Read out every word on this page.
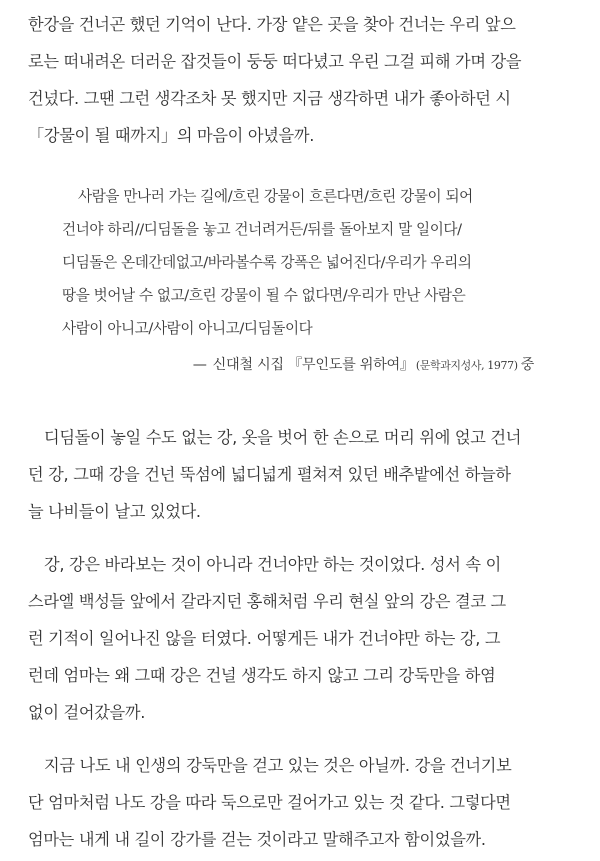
한강을 건너곤 했던 기억이 난다. 가장 얕은 곳을 찾아 건너는 우리 앞으
로는 떠내려온 더러운 잡것들이 둥둥 떠다녔고 우린 그걸 피해 가며 강을
건넜다. 그땐 그런 생각조차 못 했지만 지금 생각하면 내가 좋아하던 시
「강물이 될 때까지」의 마음이 아녔을까.

사람을 만나러 가는 길에/흐린 강물이 흐른다면/흐린 강물이 되어
건너야 하리//디딤돌을 놓고 건너려거든/뒤를 돌아보지 말 일이다/
디딤돌은 온데간데없고/바라볼수록 강폭은 넓어진다/우리가 우리의
땅을 벗어날 수 없고/흐린 강물이 될 수 없다면/우리가 만난 사람은
사람이 아니고/사람이 아니고/디딤돌이다
— 신대철 시집 『무인도를 위하여』 (문학과지성사, 1977) 중

디딤돌이 놓일 수도 없는 강, 옷을 벗어 한 손으로 머리 위에 얹고 건너
던 강, 그때 강을 건넌 뚝섬에 넓디넓게 펼쳐져 있던 배추밭에선 하늘하
늘 나비들이 날고 있었다.

강, 강은 바라보는 것이 아니라 건너야만 하는 것이었다. 성서 속 이
스라엘 백성들 앞에서 갈라지던 홍해처럼 우리 현실 앞의 강은 결코 그
런 기적이 일어나진 않을 터였다. 어떻게든 내가 건너야만 하는 강, 그
런데 엄마는 왜 그때 강은 건널 생각도 하지 않고 그리 강둑만을 하염
없이 걸어갔을까.

지금 나도 내 인생의 강둑만을 걷고 있는 것은 아닐까. 강을 건너기보
단 엄마처럼 나도 강을 따라 둑으로만 걸어가고 있는 것 같다. 그렇다면
엄마는 내게 내 길이 강가를 걷는 것이라고 말해주고자 함이었을까.
